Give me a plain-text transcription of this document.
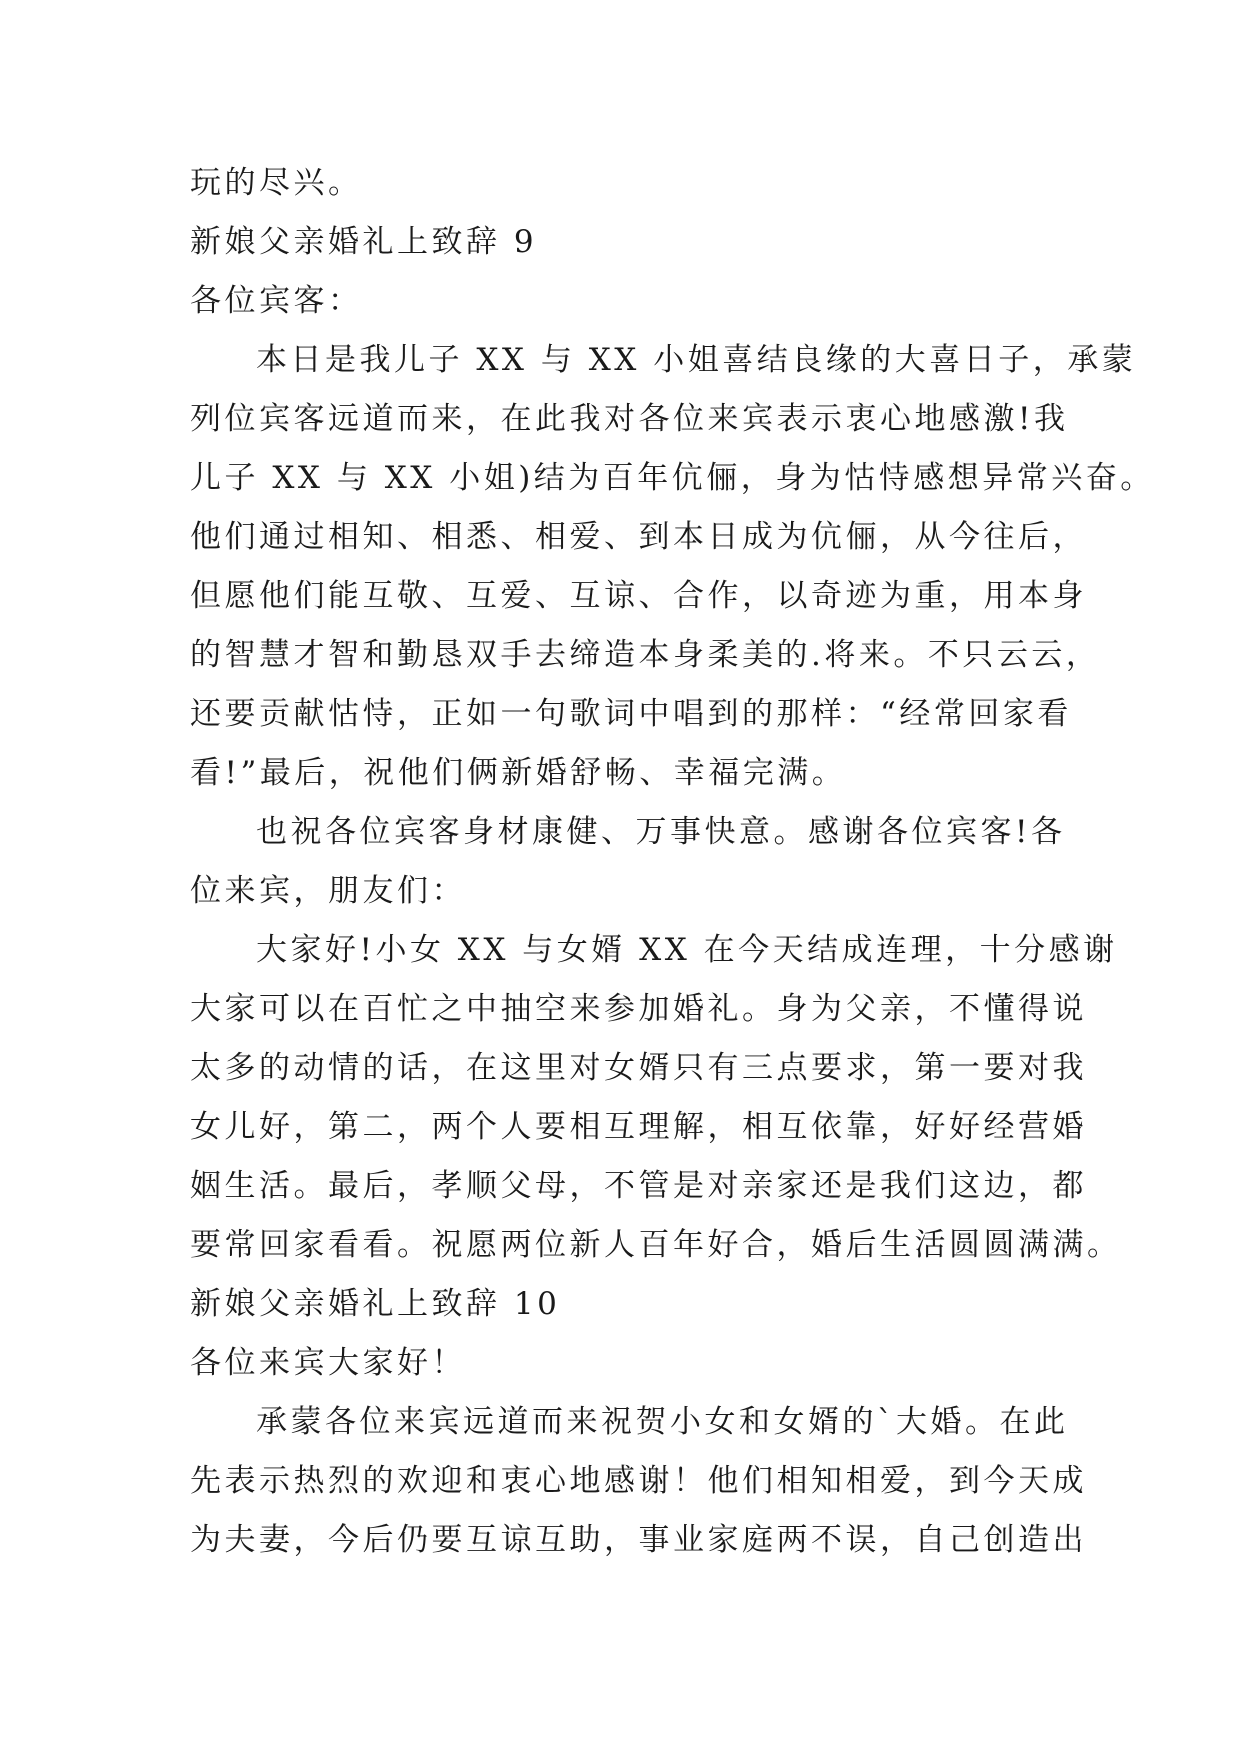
玩的尽兴。
新娘父亲婚礼上致辞 9
各位宾客：
本日是我儿子 XX 与 XX 小姐喜结良缘的大喜日子，承蒙
列位宾客远道而来，在此我对各位来宾表示衷心地感激!我
儿子 XX 与 XX 小姐)结为百年伉俪，身为怙恃感想异常兴奋。
他们通过相知、相悉、相爱、到本日成为伉俪，从今往后，
但愿他们能互敬、互爱、互谅、合作，以奇迹为重，用本身
的智慧才智和勤恳双手去缔造本身柔美的.将来。不只云云，
还要贡献怙恃，正如一句歌词中唱到的那样：“经常回家看
看!”最后，祝他们俩新婚舒畅、幸福完满。
也祝各位宾客身材康健、万事快意。感谢各位宾客!各
位来宾，朋友们：
大家好!小女 XX 与女婿 XX 在今天结成连理，十分感谢
大家可以在百忙之中抽空来参加婚礼。身为父亲，不懂得说
太多的动情的话，在这里对女婿只有三点要求，第一要对我
女儿好，第二，两个人要相互理解，相互依靠，好好经营婚
姻生活。最后，孝顺父母，不管是对亲家还是我们这边，都
要常回家看看。祝愿两位新人百年好合，婚后生活圆圆满满。
新娘父亲婚礼上致辞 10
各位来宾大家好！
承蒙各位来宾远道而来祝贺小女和女婿的`大婚。在此
先表示热烈的欢迎和衷心地感谢！他们相知相爱，到今天成
为夫妻，今后仍要互谅互助，事业家庭两不误，自己创造出
